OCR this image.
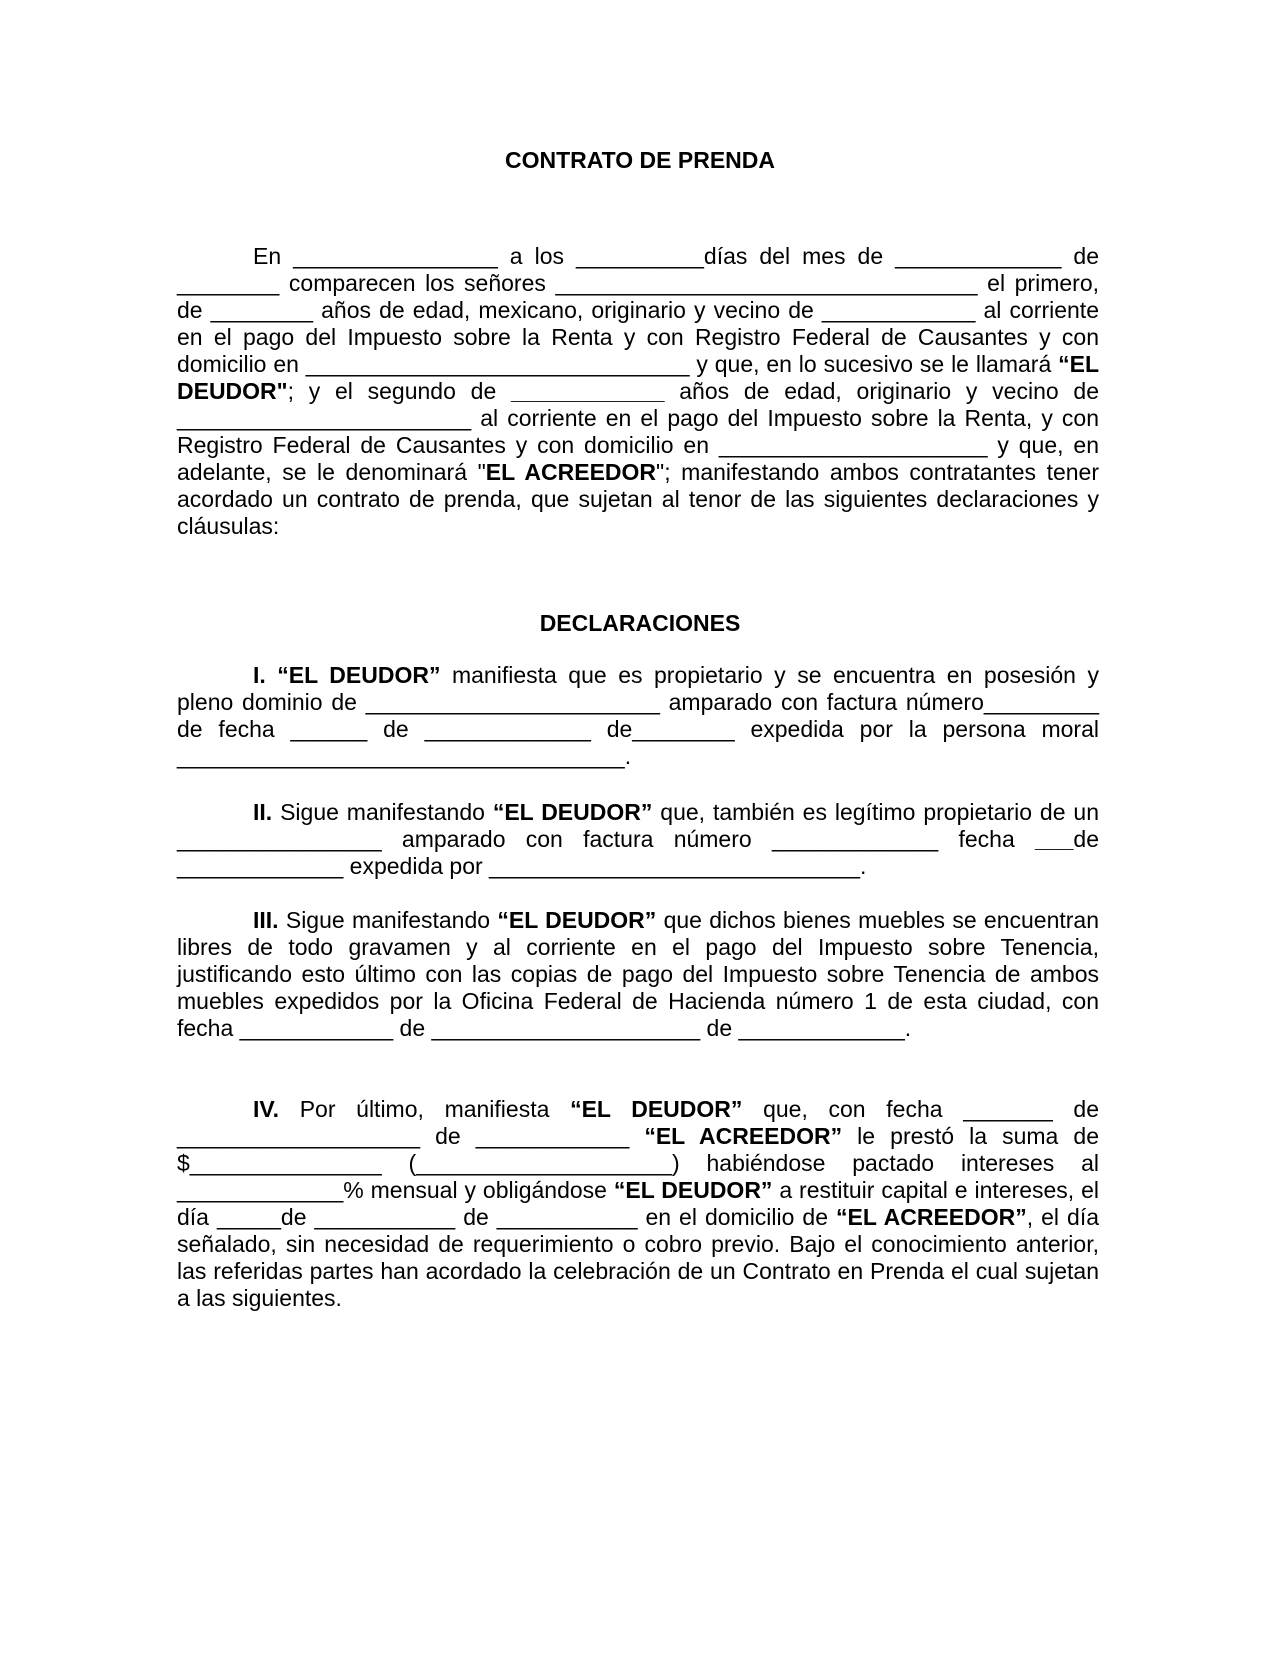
CONTRATO DE PRENDA

En ________________ a los __________días del mes de _____________ de ________ comparecen los señores _________________________________ el primero, de ________ años de edad, mexicano, originario y vecino de ____________ al corriente en el pago del Impuesto sobre la Renta y con Registro Federal de Causantes y con domicilio en ______________________________ y que, en lo sucesivo se le llamará “EL DEUDOR"; y el segundo de ____________ años de edad, originario y vecino de _______________________ al corriente en el pago del Impuesto sobre la Renta, y con Registro Federal de Causantes y con domicilio en _____________________ y que, en adelante, se le denominará "EL ACREEDOR"; manifestando ambos contratantes tener acordado un contrato de prenda, que sujetan al tenor de las siguientes declaraciones y cláusulas:

DECLARACIONES

I. “EL DEUDOR” manifiesta que es propietario y se encuentra en posesión y pleno dominio de _______________________ amparado con factura número_________ de fecha ______ de _____________ de________ expedida por la persona moral ___________________________________.

II. Sigue manifestando “EL DEUDOR” que, también es legítimo propietario de un ________________ amparado con factura número _____________ fecha ___de _____________ expedida por _____________________________.

III. Sigue manifestando “EL DEUDOR” que dichos bienes muebles se encuentran libres de todo gravamen y al corriente en el pago del Impuesto sobre Tenencia, justificando esto último con las copias de pago del Impuesto sobre Tenencia de ambos muebles expedidos por la Oficina Federal de Hacienda número 1 de esta ciudad, con fecha ____________ de _____________________ de _____________.

IV. Por último, manifiesta “EL DEUDOR” que, con fecha _______ de ___________________ de ____________ “EL ACREEDOR” le prestó la suma de $_______________ (____________________) habiéndose pactado intereses al _____________% mensual y obligándose “EL DEUDOR” a restituir capital e intereses, el día _____de ___________ de ___________ en el domicilio de “EL ACREEDOR”, el día señalado, sin necesidad de requerimiento o cobro previo. Bajo el conocimiento anterior, las referidas partes han acordado la celebración de un Contrato en Prenda el cual sujetan a las siguientes.
